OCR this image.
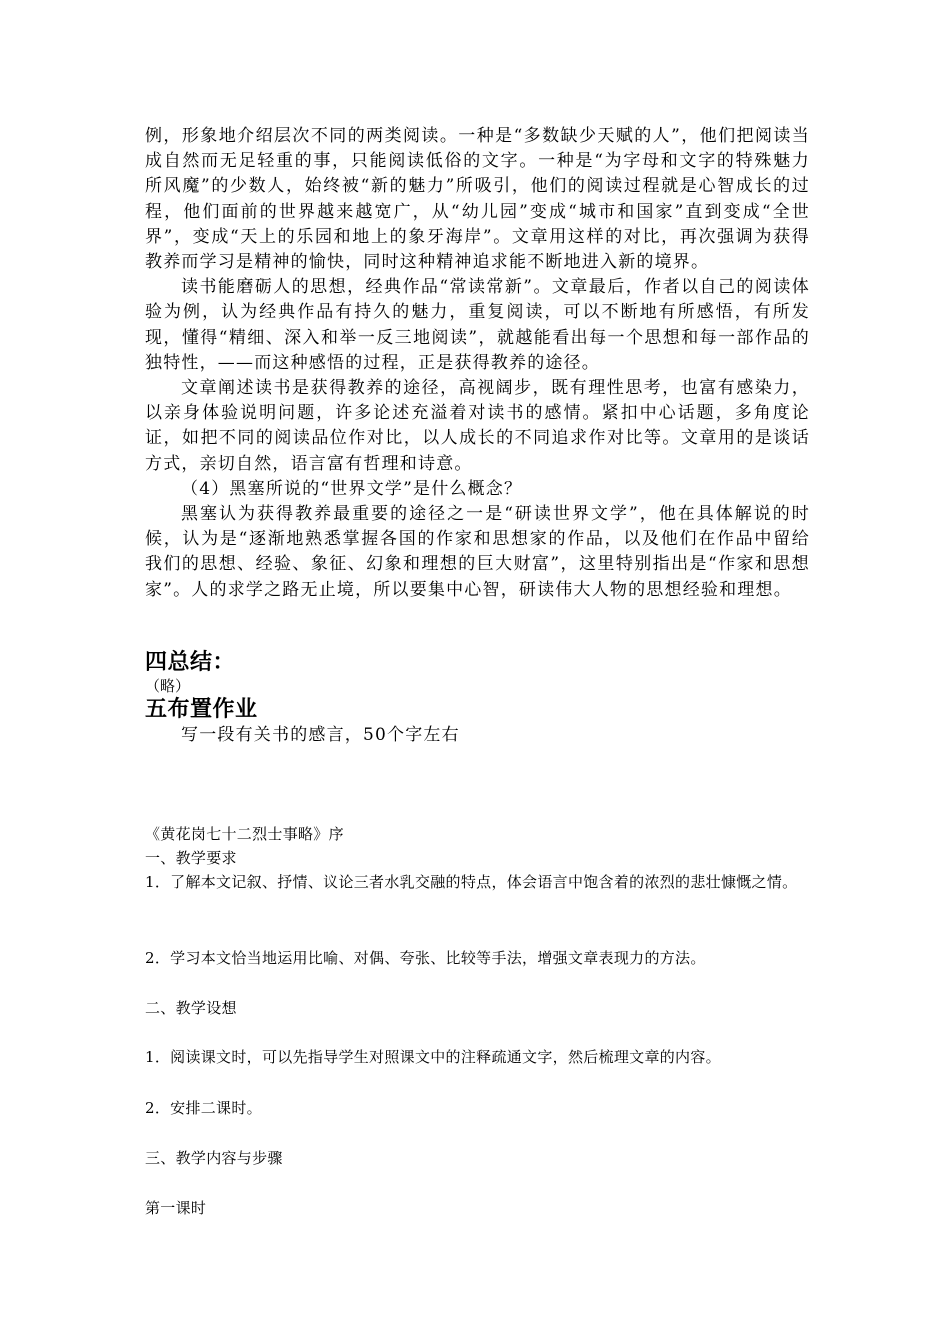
例，形象地介绍层次不同的两类阅读。一种是“多数缺少天赋的人”，他们把阅读当成自然而无足轻重的事，只能阅读低俗的文字。一种是“为字母和文字的特殊魅力所风魔”的少数人，始终被“新的魅力”所吸引，他们的阅读过程就是心智成长的过程，他们面前的世界越来越宽广，从“幼儿园”变成“城市和国家”直到变成“全世界”，变成“天上的乐园和地上的象牙海岸”。文章用这样的对比，再次强调为获得教养而学习是精神的愉快，同时这种精神追求能不断地进入新的境界。

读书能磨砺人的思想，经典作品“常读常新”。文章最后，作者以自己的阅读体验为例，认为经典作品有持久的魅力，重复阅读，可以不断地有所感悟，有所发现，懂得“精细、深入和举一反三地阅读”，就越能看出每一个思想和每一部作品的独特性，——而这种感悟的过程，正是获得教养的途径。

文章阐述读书是获得教养的途径，高视阔步，既有理性思考，也富有感染力，以亲身体验说明问题，许多论述充溢着对读书的感情。紧扣中心话题，多角度论证，如把不同的阅读品位作对比，以人成长的不同追求作对比等。文章用的是谈话方式，亲切自然，语言富有哲理和诗意。

（4）黑塞所说的“世界文学”是什么概念？

黑塞认为获得教养最重要的途径之一是“研读世界文学”，他在具体解说的时候，认为是“逐渐地熟悉掌握各国的作家和思想家的作品，以及他们在作品中留给我们的思想、经验、象征、幻象和理想的巨大财富”，这里特别指出是“作家和思想家”。人的求学之路无止境，所以要集中心智，研读伟大人物的思想经验和理想。

四总结：

（略）

五布置作业

写一段有关书的感言，50个字左右

《黄花岗七十二烈士事略》序

一、教学要求

1．了解本文记叙、抒情、议论三者水乳交融的特点，体会语言中饱含着的浓烈的悲壮慷慨之情。

2．学习本文恰当地运用比喻、对偶、夸张、比较等手法，增强文章表现力的方法。

二、教学设想

1．阅读课文时，可以先指导学生对照课文中的注释疏通文字，然后梳理文章的内容。

2．安排二课时。

三、教学内容与步骤

第一课时
